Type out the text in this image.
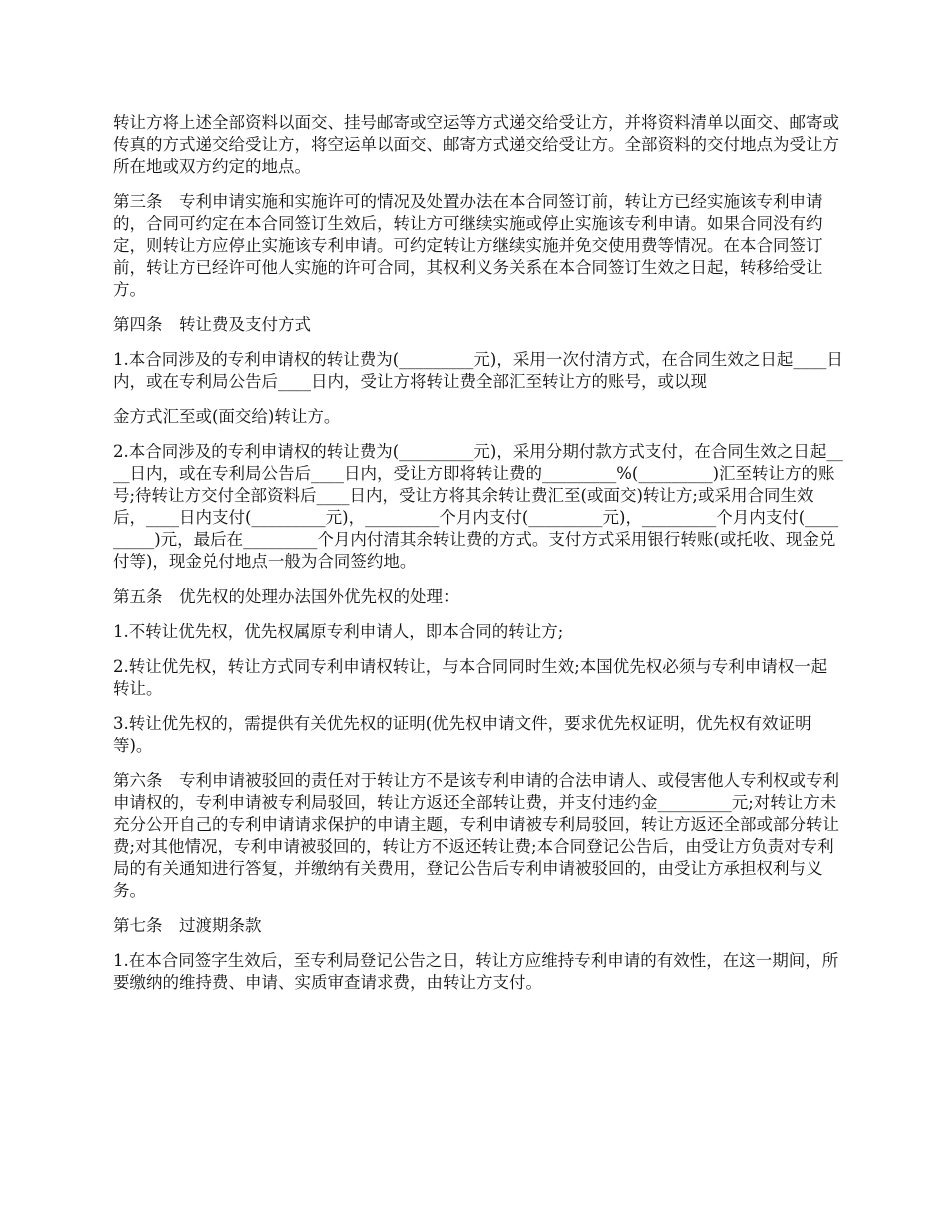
转让方将上述全部资料以面交、挂号邮寄或空运等方式递交给受让方，并将资料清单以面交、邮寄或传真的方式递交给受让方，将空运单以面交、邮寄方式递交给受让方。全部资料的交付地点为受让方所在地或双方约定的地点。

第三条　专利申请实施和实施许可的情况及处置办法在本合同签订前，转让方已经实施该专利申请的，合同可约定在本合同签订生效后，转让方可继续实施或停止实施该专利申请。如果合同没有约定，则转让方应停止实施该专利申请。可约定转让方继续实施并免交使用费等情况。在本合同签订前，转让方已经许可他人实施的许可合同，其权利义务关系在本合同签订生效之日起，转移给受让方。

第四条　转让费及支付方式

1.本合同涉及的专利申请权的转让费为(_________元)，采用一次付清方式，在合同生效之日起____日内，或在专利局公告后____日内，受让方将转让费全部汇至转让方的账号，或以现

金方式汇至或(面交给)转让方。

2.本合同涉及的专利申请权的转让费为(_________元)，采用分期付款方式支付，在合同生效之日起____日内，或在专利局公告后____日内，受让方即将转让费的_________%(_________)汇至转让方的账号;待转让方交付全部资料后____日内，受让方将其余转让费汇至(或面交)转让方;或采用合同生效后，____日内支付(_________元)，_________个月内支付(_________元)，_________个月内支付(_________)元，最后在_________个月内付清其余转让费的方式。支付方式采用银行转账(或托收、现金兑付等)，现金兑付地点一般为合同签约地。

第五条　优先权的处理办法国外优先权的处理：

1.不转让优先权，优先权属原专利申请人，即本合同的转让方;

2.转让优先权，转让方式同专利申请权转让，与本合同同时生效;本国优先权必须与专利申请权一起转让。

3.转让优先权的，需提供有关优先权的证明(优先权申请文件，要求优先权证明，优先权有效证明等)。

第六条　专利申请被驳回的责任对于转让方不是该专利申请的合法申请人、或侵害他人专利权或专利申请权的，专利申请被专利局驳回，转让方返还全部转让费，并支付违约金_________元;对转让方未充分公开自己的专利申请请求保护的申请主题，专利申请被专利局驳回，转让方返还全部或部分转让费;对其他情况，专利申请被驳回的，转让方不返还转让费;本合同登记公告后，由受让方负责对专利局的有关通知进行答复，并缴纳有关费用，登记公告后专利申请被驳回的，由受让方承担权利与义务。

第七条　过渡期条款

1.在本合同签字生效后，至专利局登记公告之日，转让方应维持专利申请的有效性，在这一期间，所要缴纳的维持费、申请、实质审查请求费，由转让方支付。
